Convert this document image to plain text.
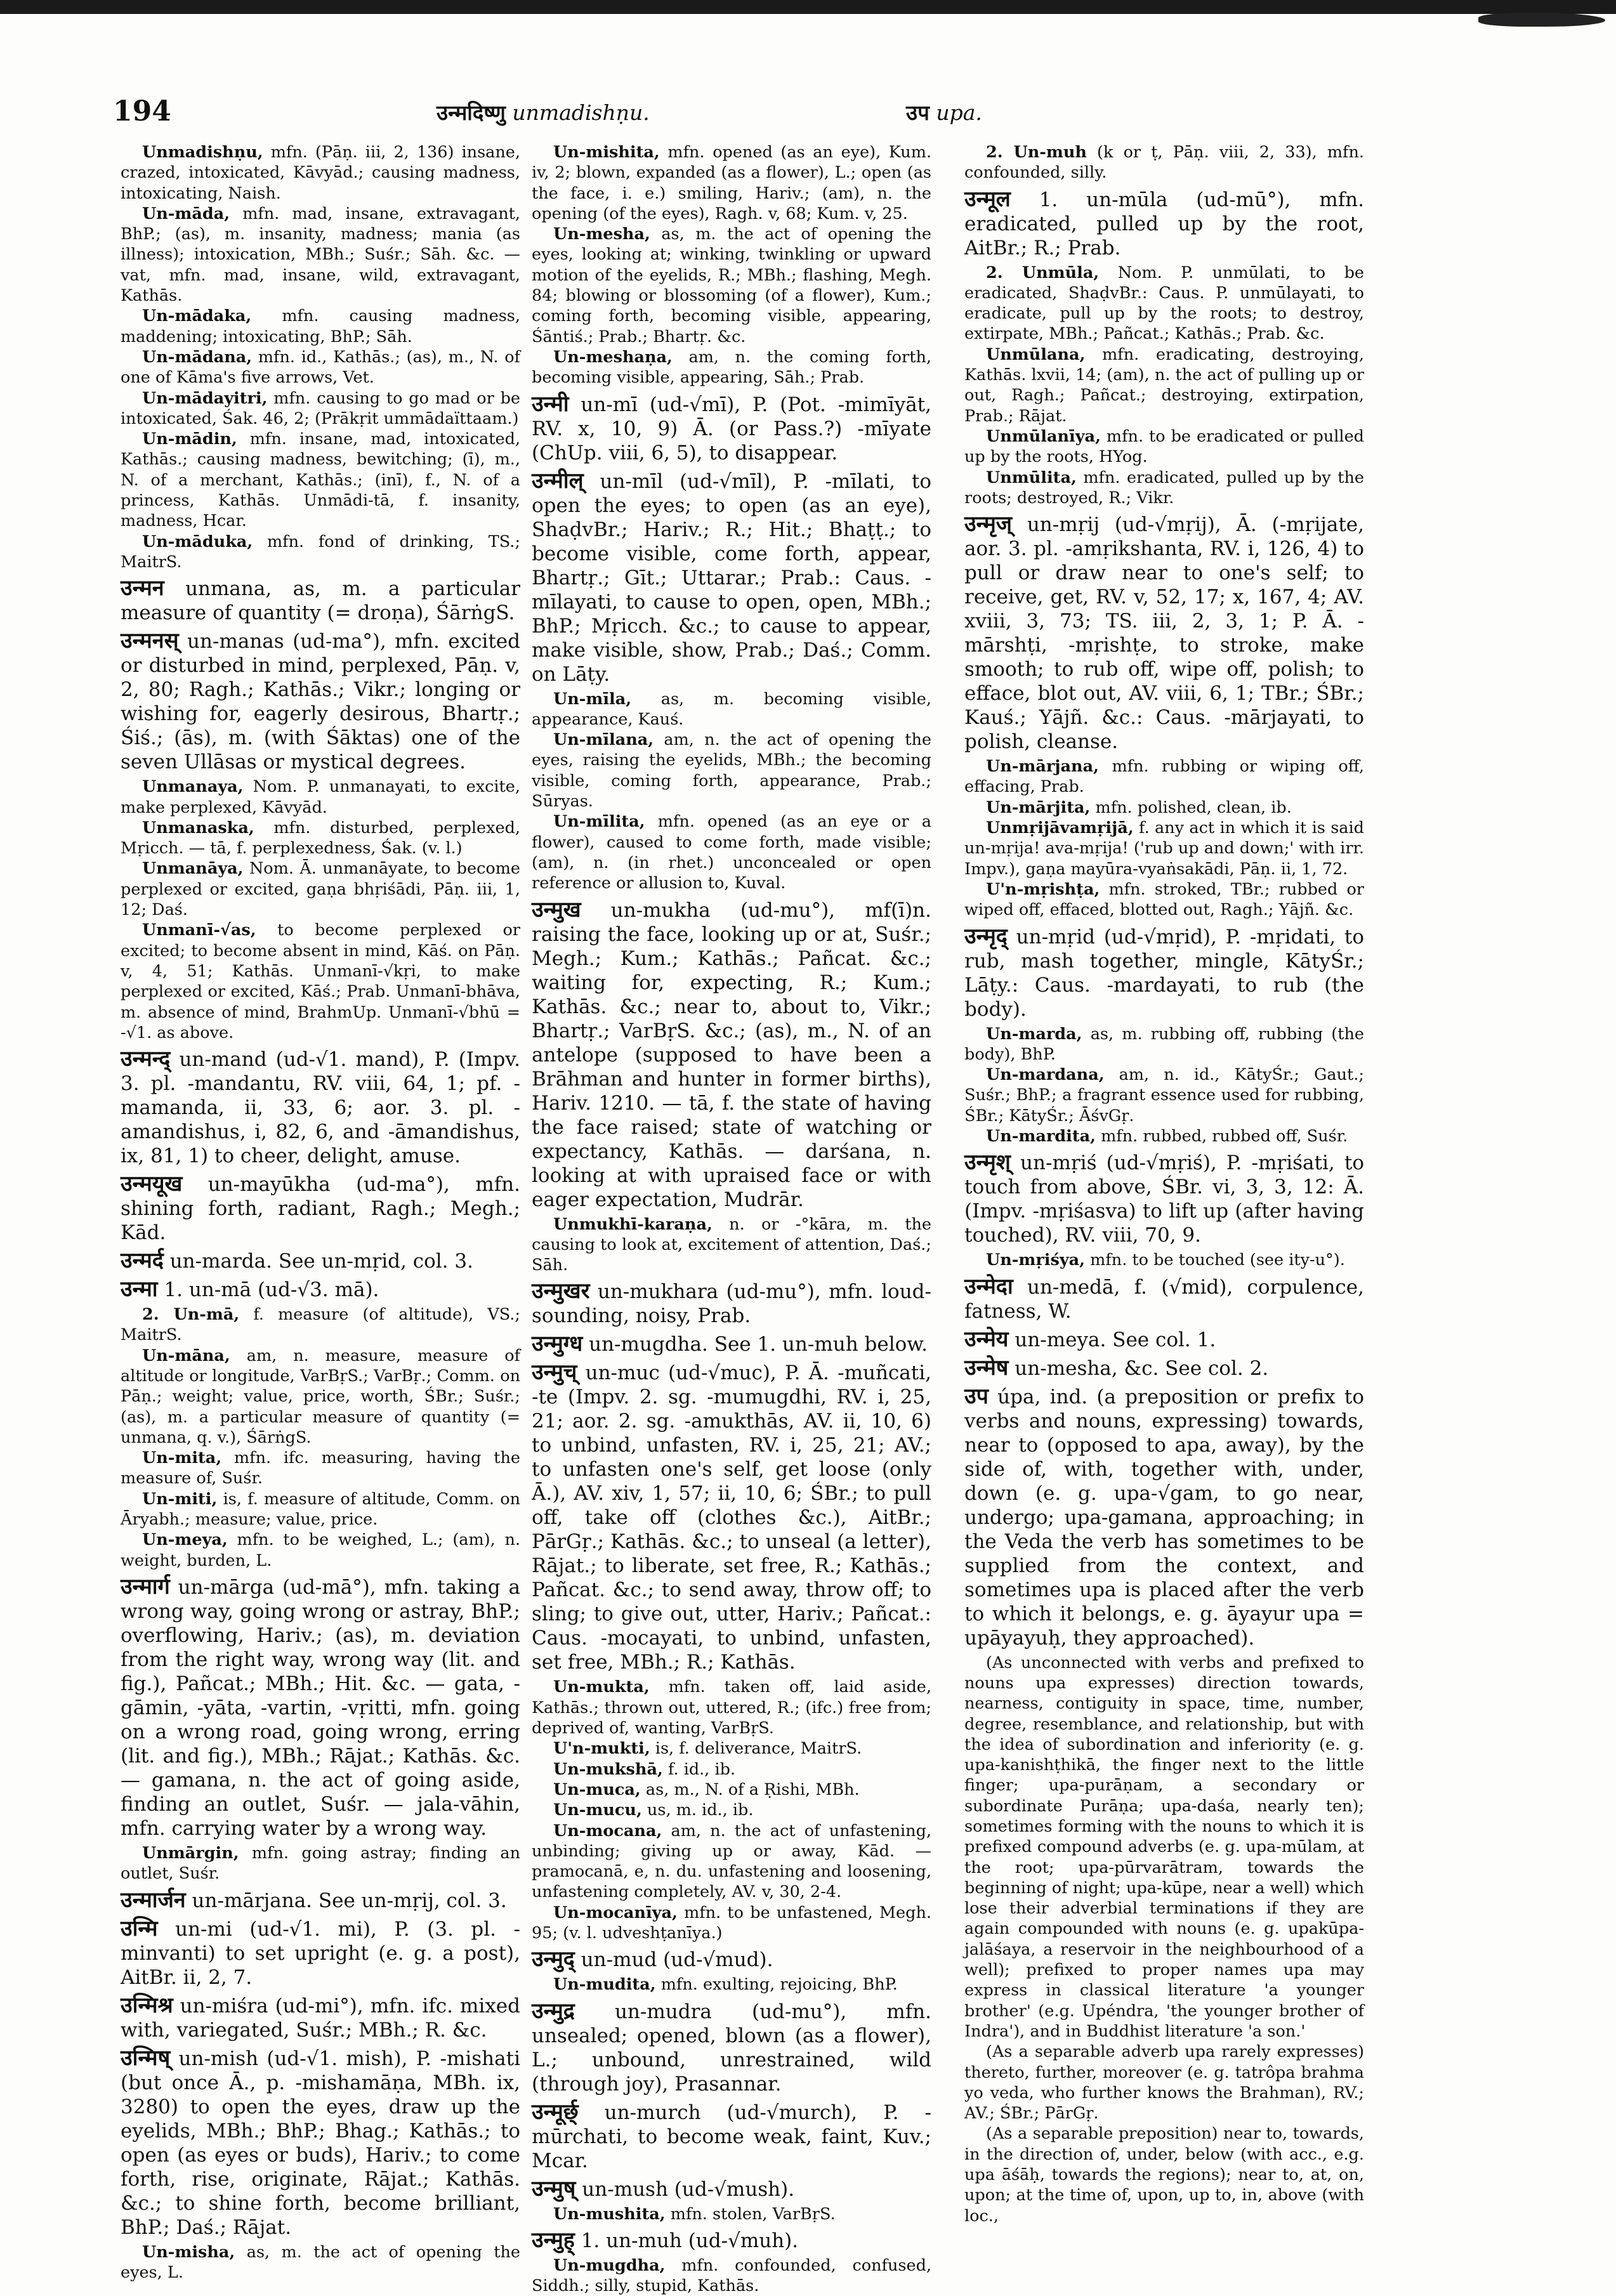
194	उन्मदिष्णु unmadishṇu.	उप upa.

Unmadishṇu, mfn. (Pāṇ. iii, 2, 136) insane, crazed, intoxicated, Kāvyād.; causing madness, intoxicating, Naish.

Un-māda, mfn. mad, insane, extravagant, BhP.; (as), m. insanity, madness; mania (as illness); intoxication, MBh.; Suśr.; Sāh. &c. — vat, mfn. mad, insane, wild, extravagant, Kathās.

Un-mādaka, mfn. causing madness, maddening; intoxicating, BhP.; Sāh.

Un-mādana, mfn. id., Kathās.; (as), m., N. of one of Kāma's five arrows, Vet.

Un-mādayitri, mfn. causing to go mad or be intoxicated, Śak. 46, 2; (Prākṛit ummādaïttaam.)

Un-mādin, mfn. insane, mad, intoxicated, Kathās.; causing madness, bewitching; (ī), m., N. of a merchant, Kathās.; (inī), f., N. of a princess, Kathās. Unmādi-tā, f. insanity, madness, Hcar.

Un-māduka, mfn. fond of drinking, TS.; MaitrS.

उन्मन unmana, as, m. a particular measure of quantity (= droṇa), ŚārṅgS.

उन्मनस् un-manas (ud-ma°), mfn. excited or disturbed in mind, perplexed, Pāṇ. v, 2, 80; Ragh.; Kathās.; Vikr.; longing or wishing for, eagerly desirous, Bhartṛ.; Śiś.; (ās), m. (with Śāktas) one of the seven Ullāsas or mystical degrees.

Unmanaya, Nom. P. unmanayati, to excite, make perplexed, Kāvyād.

Unmanaska, mfn. disturbed, perplexed, Mṛicch. — tā, f. perplexedness, Śak. (v. l.)

Unmanāya, Nom. Ā. unmanāyate, to become perplexed or excited, gaṇa bhṛiśādi, Pāṇ. iii, 1, 12; Daś.

Unmanī-√as, to become perplexed or excited; to become absent in mind, Kāś. on Pāṇ. v, 4, 51; Kathās. Unmanī-√kṛi, to make perplexed or excited, Kāś.; Prab. Unmanī-bhāva, m. absence of mind, BrahmUp. Unmanī-√bhū = -√1. as above.

उन्मन्द् un-mand (ud-√1. mand), P. (Impv. 3. pl. -mandantu, RV. viii, 64, 1; pf. -mamanda, ii, 33, 6; aor. 3. pl. -amandishus, i, 82, 6, and -āmandishus, ix, 81, 1) to cheer, delight, amuse.

उन्मयूख un-mayūkha (ud-ma°), mfn. shining forth, radiant, Ragh.; Megh.; Kād.

उन्मर्द un-marda. See un-mṛid, col. 3.

उन्मा 1. un-mā (ud-√3. mā).

2. Un-mā, f. measure (of altitude), VS.; MaitrS.

Un-māna, am, n. measure, measure of altitude or longitude, VarBṛS.; VarBṛ.; Comm. on Pāṇ.; weight; value, price, worth, ŚBr.; Suśr.; (as), m. a particular measure of quantity (= unmana, q. v.), ŚārṅgS.

Un-mita, mfn. ifc. measuring, having the measure of, Suśr.

Un-miti, is, f. measure of altitude, Comm. on Āryabh.; measure; value, price.

Un-meya, mfn. to be weighed, L.; (am), n. weight, burden, L.

उन्मार्ग un-mārga (ud-mā°), mfn. taking a wrong way, going wrong or astray, BhP.; overflowing, Hariv.; (as), m. deviation from the right way, wrong way (lit. and fig.), Pañcat.; MBh.; Hit. &c. — gata, -gāmin, -yāta, -vartin, -vṛitti, mfn. going on a wrong road, going wrong, erring (lit. and fig.), MBh.; Rājat.; Kathās. &c. — gamana, n. the act of going aside, finding an outlet, Suśr. — jala-vāhin, mfn. carrying water by a wrong way.

Unmārgin, mfn. going astray; finding an outlet, Suśr.

उन्मार्जन un-mārjana. See un-mṛij, col. 3.

उन्मि un-mi (ud-√1. mi), P. (3. pl. -minvanti) to set upright (e. g. a post), AitBr. ii, 2, 7.

उन्मिश्र un-miśra (ud-mi°), mfn. ifc. mixed with, variegated, Suśr.; MBh.; R. &c.

उन्मिष् un-mish (ud-√1. mish), P. -mishati (but once Ā., p. -mishamāṇa, MBh. ix, 3280) to open the eyes, draw up the eyelids, MBh.; BhP.; Bhag.; Kathās.; to open (as eyes or buds), Hariv.; to come forth, rise, originate, Rājat.; Kathās. &c.; to shine forth, become brilliant, BhP.; Daś.; Rājat.

Un-misha, as, m. the act of opening the eyes, L.

Un-mishita, mfn. opened (as an eye), Kum. iv, 2; blown, expanded (as a flower), L.; open (as the face, i. e.) smiling, Hariv.; (am), n. the opening (of the eyes), Ragh. v, 68; Kum. v, 25.

Un-mesha, as, m. the act of opening the eyes, looking at; winking, twinkling or upward motion of the eyelids, R.; MBh.; flashing, Megh. 84; blowing or blossoming (of a flower), Kum.; coming forth, becoming visible, appearing, Śāntiś.; Prab.; Bhartṛ. &c.

Un-meshaṇa, am, n. the coming forth, becoming visible, appearing, Sāh.; Prab.

उन्मी un-mī (ud-√mī), P. (Pot. -mimīyāt, RV. x, 10, 9) Ā. (or Pass.?) -mīyate (ChUp. viii, 6, 5), to disappear.

उन्मील् un-mīl (ud-√mīl), P. -mīlati, to open the eyes; to open (as an eye), ShaḍvBr.; Hariv.; R.; Hit.; Bhaṭṭ.; to become visible, come forth, appear, Bhartṛ.; Gīt.; Uttarar.; Prab.: Caus. -mīlayati, to cause to open, open, MBh.; BhP.; Mṛicch. &c.; to cause to appear, make visible, show, Prab.; Daś.; Comm. on Lāṭy.

Un-mīla, as, m. becoming visible, appearance, Kauś.

Un-mīlana, am, n. the act of opening the eyes, raising the eyelids, MBh.; the becoming visible, coming forth, appearance, Prab.; Sūryas.

Un-mīlita, mfn. opened (as an eye or a flower), caused to come forth, made visible; (am), n. (in rhet.) unconcealed or open reference or allusion to, Kuval.

उन्मुख un-mukha (ud-mu°), mf(ī)n. raising the face, looking up or at, Suśr.; Megh.; Kum.; Kathās.; Pañcat. &c.; waiting for, expecting, R.; Kum.; Kathās. &c.; near to, about to, Vikr.; Bhartṛ.; VarBṛS. &c.; (as), m., N. of an antelope (supposed to have been a Brāhman and hunter in former births), Hariv. 1210. — tā, f. the state of having the face raised; state of watching or expectancy, Kathās. — darśana, n. looking at with upraised face or with eager expectation, Mudrār.

Unmukhī-karaṇa, n. or -°kāra, m. the causing to look at, excitement of attention, Daś.; Sāh.

उन्मुखर un-mukhara (ud-mu°), mfn. loud-sounding, noisy, Prab.

उन्मुग्ध un-mugdha. See 1. un-muh below.

उन्मुच् un-muc (ud-√muc), P. Ā. -muñcati, -te (Impv. 2. sg. -mumugdhi, RV. i, 25, 21; aor. 2. sg. -amukthās, AV. ii, 10, 6) to unbind, unfasten, RV. i, 25, 21; AV.; to unfasten one's self, get loose (only Ā.), AV. xiv, 1, 57; ii, 10, 6; ŚBr.; to pull off, take off (clothes &c.), AitBr.; PārGṛ.; Kathās. &c.; to unseal (a letter), Rājat.; to liberate, set free, R.; Kathās.; Pañcat. &c.; to send away, throw off; to sling; to give out, utter, Hariv.; Pañcat.: Caus. -mocayati, to unbind, unfasten, set free, MBh.; R.; Kathās.

Un-mukta, mfn. taken off, laid aside, Kathās.; thrown out, uttered, R.; (ifc.) free from; deprived of, wanting, VarBṛS.

U'n-mukti, is, f. deliverance, MaitrS.

Un-mukshā, f. id., ib.

Un-muca, as, m., N. of a Ṛishi, MBh.

Un-mucu, us, m. id., ib.

Un-mocana, am, n. the act of unfastening, unbinding; giving up or away, Kād. — pramocanā, e, n. du. unfastening and loosening, unfastening completely, AV. v, 30, 2-4.

Un-mocanīya, mfn. to be unfastened, Megh. 95; (v. l. udveshṭanīya.)

उन्मुद् un-mud (ud-√mud).

Un-mudita, mfn. exulting, rejoicing, BhP.

उन्मुद्र un-mudra (ud-mu°), mfn. unsealed; opened, blown (as a flower), L.; unbound, unrestrained, wild (through joy), Prasannar.

उन्मूर्छ् un-murch (ud-√murch), P. -mūrchati, to become weak, faint, Kuv.; Mcar.

उन्मुष् un-mush (ud-√mush).

Un-mushita, mfn. stolen, VarBṛS.

उन्मुह् 1. un-muh (ud-√muh).

Un-mugdha, mfn. confounded, confused, Siddh.; silly, stupid, Kathās.

2. Un-muh (k or ṭ, Pāṇ. viii, 2, 33), mfn. confounded, silly.

उन्मूल 1. un-mūla (ud-mū°), mfn. eradicated, pulled up by the root, AitBr.; R.; Prab.

2. Unmūla, Nom. P. unmūlati, to be eradicated, ShaḍvBr.: Caus. P. unmūlayati, to eradicate, pull up by the roots; to destroy, extirpate, MBh.; Pañcat.; Kathās.; Prab. &c.

Unmūlana, mfn. eradicating, destroying, Kathās. lxvii, 14; (am), n. the act of pulling up or out, Ragh.; Pañcat.; destroying, extirpation, Prab.; Rājat.

Unmūlanīya, mfn. to be eradicated or pulled up by the roots, HYog.

Unmūlita, mfn. eradicated, pulled up by the roots; destroyed, R.; Vikr.

उन्मृज् un-mṛij (ud-√mṛij), Ā. (-mṛijate, aor. 3. pl. -amṛikshanta, RV. i, 126, 4) to pull or draw near to one's self; to receive, get, RV. v, 52, 17; x, 167, 4; AV. xviii, 3, 73; TS. iii, 2, 3, 1; P. Ā. -mārshṭi, -mṛishṭe, to stroke, make smooth; to rub off, wipe off, polish; to efface, blot out, AV. viii, 6, 1; TBr.; ŚBr.; Kauś.; Yājñ. &c.: Caus. -mārjayati, to polish, cleanse.

Un-mārjana, mfn. rubbing or wiping off, effacing, Prab.

Un-mārjita, mfn. polished, clean, ib.

Unmṛijāvamṛijā, f. any act in which it is said un-mṛija! ava-mṛija! ('rub up and down;' with irr. Impv.), gaṇa mayūra-vyaṅsakādi, Pāṇ. ii, 1, 72.

U'n-mṛishṭa, mfn. stroked, TBr.; rubbed or wiped off, effaced, blotted out, Ragh.; Yājñ. &c.

उन्मृद् un-mṛid (ud-√mṛid), P. -mṛidati, to rub, mash together, mingle, KātyŚr.; Lāṭy.: Caus. -mardayati, to rub (the body).

Un-marda, as, m. rubbing off, rubbing (the body), BhP.

Un-mardana, am, n. id., KātyŚr.; Gaut.; Suśr.; BhP.; a fragrant essence used for rubbing, ŚBr.; KātyŚr.; ĀśvGṛ.

Un-mardita, mfn. rubbed, rubbed off, Suśr.

उन्मृश् un-mṛiś (ud-√mṛiś), P. -mṛiśati, to touch from above, ŚBr. vi, 3, 3, 12: Ā. (Impv. -mṛiśasva) to lift up (after having touched), RV. viii, 70, 9.

Un-mṛiśya, mfn. to be touched (see ity-u°).

उन्मेदा un-medā, f. (√mid), corpulence, fatness, W.

उन्मेय un-meya. See col. 1.

उन्मेष un-mesha, &c. See col. 2.

उप úpa, ind. (a preposition or prefix to verbs and nouns, expressing) towards, near to (opposed to apa, away), by the side of, with, together with, under, down (e. g. upa-√gam, to go near, undergo; upa-gamana, approaching; in the Veda the verb has sometimes to be supplied from the context, and sometimes upa is placed after the verb to which it belongs, e. g. āyayur upa = upāyayuḥ, they approached).

(As unconnected with verbs and prefixed to nouns upa expresses) direction towards, nearness, contiguity in space, time, number, degree, resemblance, and relationship, but with the idea of subordination and inferiority (e. g. upa-kanishṭhikā, the finger next to the little finger; upa-purāṇam, a secondary or subordinate Purāṇa; upa-daśa, nearly ten); sometimes forming with the nouns to which it is prefixed compound adverbs (e. g. upa-mūlam, at the root; upa-pūrvarātram, towards the beginning of night; upa-kūpe, near a well) which lose their adverbial terminations if they are again compounded with nouns (e. g. upakūpa-jalāśaya, a reservoir in the neighbourhood of a well); prefixed to proper names upa may express in classical literature 'a younger brother' (e.g. Upéndra, 'the younger brother of Indra'), and in Buddhist literature 'a son.'

(As a separable adverb upa rarely expresses) thereto, further, moreover (e. g. tatrôpa brahma yo veda, who further knows the Brahman), RV.; AV.; ŚBr.; PārGṛ.

(As a separable preposition) near to, towards, in the direction of, under, below (with acc., e.g. upa āśāḥ, towards the regions); near to, at, on, upon; at the time of, upon, up to, in, above (with loc.,
